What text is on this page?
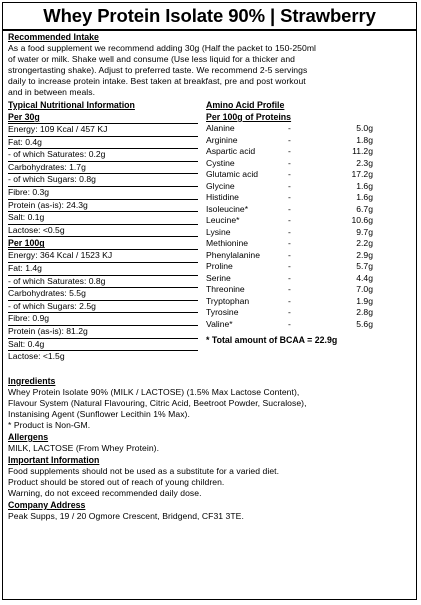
Whey Protein Isolate 90% | Strawberry
Recommended Intake
As a food supplement we recommend adding 30g (Half the packet to 150-250ml
of water or milk. Shake well and consume (Use less liquid for a thicker and
strongertasting shake). Adjust to preferred taste. We recommend 2-5 servings
daily to increase protein intake. Best taken at breakfast, pre and post workout
and in between meals.
Typical Nutritional Information
Per 30g
Energy: 109 Kcal / 457 KJ
Fat: 0.4g
- of which Saturates: 0.2g
Carbohydrates: 1.7g
- of which Sugars: 0.8g
Fibre: 0.3g
Protein (as-is): 24.3g
Salt: 0.1g
Lactose: <0.5g
Per 100g
Energy: 364 Kcal / 1523 KJ
Fat: 1.4g
- of which Saturates: 0.8g
Carbohydrates: 5.5g
- of which Sugars: 2.5g
Fibre: 0.9g
Protein (as-is): 81.2g
Salt: 0.4g
Lactose: <1.5g
Amino Acid Profile
Per 100g of Proteins
Alanine	-	5.0g
Arginine	-	1.8g
Aspartic acid	-	11.2g
Cystine	-	2.3g
Glutamic acid	-	17.2g
Glycine	-	1.6g
Histidine	-	1.6g
Isoleucine*	-	6.7g
Leucine*	-	10.6g
Lysine	-	9.7g
Methionine	-	2.2g
Phenylalanine	-	2.9g
Proline	-	5.7g
Serine	-	4.4g
Threonine	-	7.0g
Tryptophan	-	1.9g
Tyrosine	-	2.8g
Valine*	-	5.6g
* Total amount of BCAA = 22.9g
Ingredients
Whey Protein Isolate 90% (MILK / LACTOSE) (1.5% Max Lactose Content),
Flavour System (Natural Flavouring, Citric Acid, Beetroot Powder, Sucralose),
Instanising Agent (Sunflower Lecithin 1% Max).
* Product is Non-GM.
Allergens
MILK, LACTOSE (From Whey Protein).
Important Information
Food supplements should not be used as a substitute for a varied diet.
Product should be stored out of reach of young children.
Warning, do not exceed recommended daily dose.
Company Address
Peak Supps, 19 / 20 Ogmore Crescent, Bridgend, CF31 3TE.
